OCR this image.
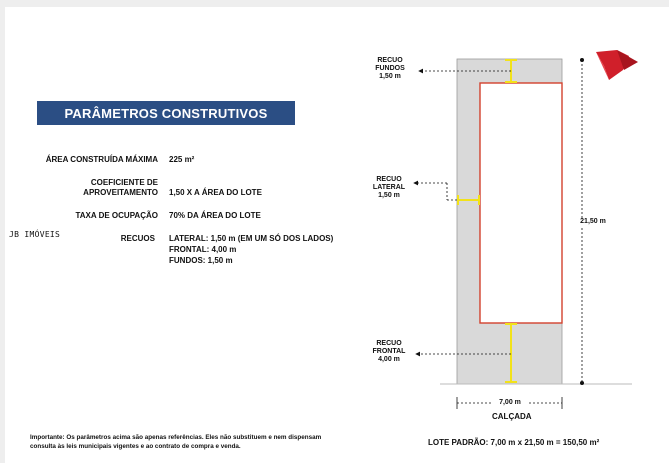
PARÂMETROS CONSTRUTIVOS
ÁREA CONSTRUÍDA MÁXIMA 225 m²
COEFICIENTE DE
APROVEITAMENTO 1,50 X A ÁREA DO LOTE
TAXA DE OCUPAÇÃO 70% DA ÁREA DO LOTE
RECUOS LATERAL: 1,50 m (EM UM SÓ DOS LADOS)
FRONTAL: 4,00 m
FUNDOS: 1,50 m
JB IMÓVEIS
RECUO
FUNDOS
1,50 m
RECUO
LATERAL
1,50 m
RECUO
FRONTAL
4,00 m
21,50 m
7,00 m
CALÇADA
Importante: Os parâmetros acima são apenas referências. Eles não substituem e nem dispensam
consulta às leis municipais vigentes e ao contrato de compra e venda.	LOTE PADRÃO: 7,00 m x 21,50 m = 150,50 m²
